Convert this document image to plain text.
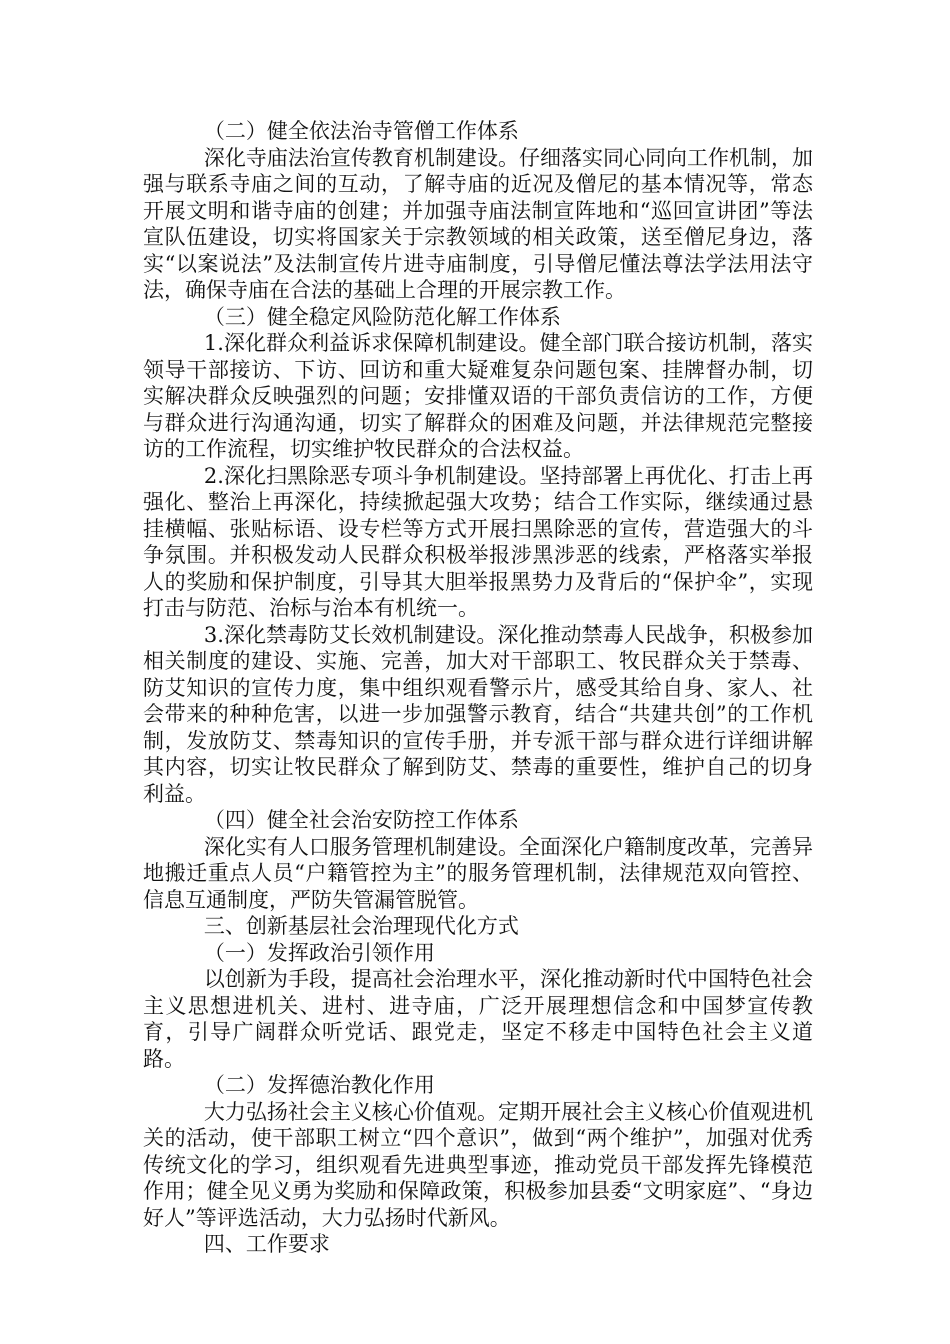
（二）健全依法治寺管僧工作体系

深化寺庙法治宣传教育机制建设。仔细落实同心同向工作机制，加强与联系寺庙之间的互动，了解寺庙的近况及僧尼的基本情况等，常态开展文明和谐寺庙的创建；并加强寺庙法制宣阵地和“巡回宣讲团”等法宣队伍建设，切实将国家关于宗教领域的相关政策，送至僧尼身边，落实“以案说法”及法制宣传片进寺庙制度，引导僧尼懂法尊法学法用法守法，确保寺庙在合法的基础上合理的开展宗教工作。

（三）健全稳定风险防范化解工作体系

1.深化群众利益诉求保障机制建设。健全部门联合接访机制，落实领导干部接访、下访、回访和重大疑难复杂问题包案、挂牌督办制，切实解决群众反映强烈的问题；安排懂双语的干部负责信访的工作，方便与群众进行沟通沟通，切实了解群众的困难及问题，并法律规范完整接访的工作流程，切实维护牧民群众的合法权益。

2.深化扫黑除恶专项斗争机制建设。坚持部署上再优化、打击上再强化、整治上再深化，持续掀起强大攻势；结合工作实际，继续通过悬挂横幅、张贴标语、设专栏等方式开展扫黑除恶的宣传，营造强大的斗争氛围。并积极发动人民群众积极举报涉黑涉恶的线索，严格落实举报人的奖励和保护制度，引导其大胆举报黑势力及背后的“保护伞”，实现打击与防范、治标与治本有机统一。

3.深化禁毒防艾长效机制建设。深化推动禁毒人民战争，积极参加相关制度的建设、实施、完善，加大对干部职工、牧民群众关于禁毒、防艾知识的宣传力度，集中组织观看警示片，感受其给自身、家人、社会带来的种种危害，以进一步加强警示教育，结合“共建共创”的工作机制，发放防艾、禁毒知识的宣传手册，并专派干部与群众进行详细讲解其内容，切实让牧民群众了解到防艾、禁毒的重要性，维护自己的切身利益。

（四）健全社会治安防控工作体系

深化实有人口服务管理机制建设。全面深化户籍制度改革，完善异地搬迁重点人员“户籍管控为主”的服务管理机制，法律规范双向管控、信息互通制度，严防失管漏管脱管。

三、创新基层社会治理现代化方式

（一）发挥政治引领作用

以创新为手段，提高社会治理水平，深化推动新时代中国特色社会主义思想进机关、进村、进寺庙，广泛开展理想信念和中国梦宣传教育，引导广阔群众听党话、跟党走，坚定不移走中国特色社会主义道路。

（二）发挥德治教化作用

大力弘扬社会主义核心价值观。定期开展社会主义核心价值观进机关的活动，使干部职工树立“四个意识”，做到“两个维护”，加强对优秀传统文化的学习，组织观看先进典型事迹，推动党员干部发挥先锋模范作用；健全见义勇为奖励和保障政策，积极参加县委“文明家庭”、“身边好人”等评选活动，大力弘扬时代新风。

四、工作要求
